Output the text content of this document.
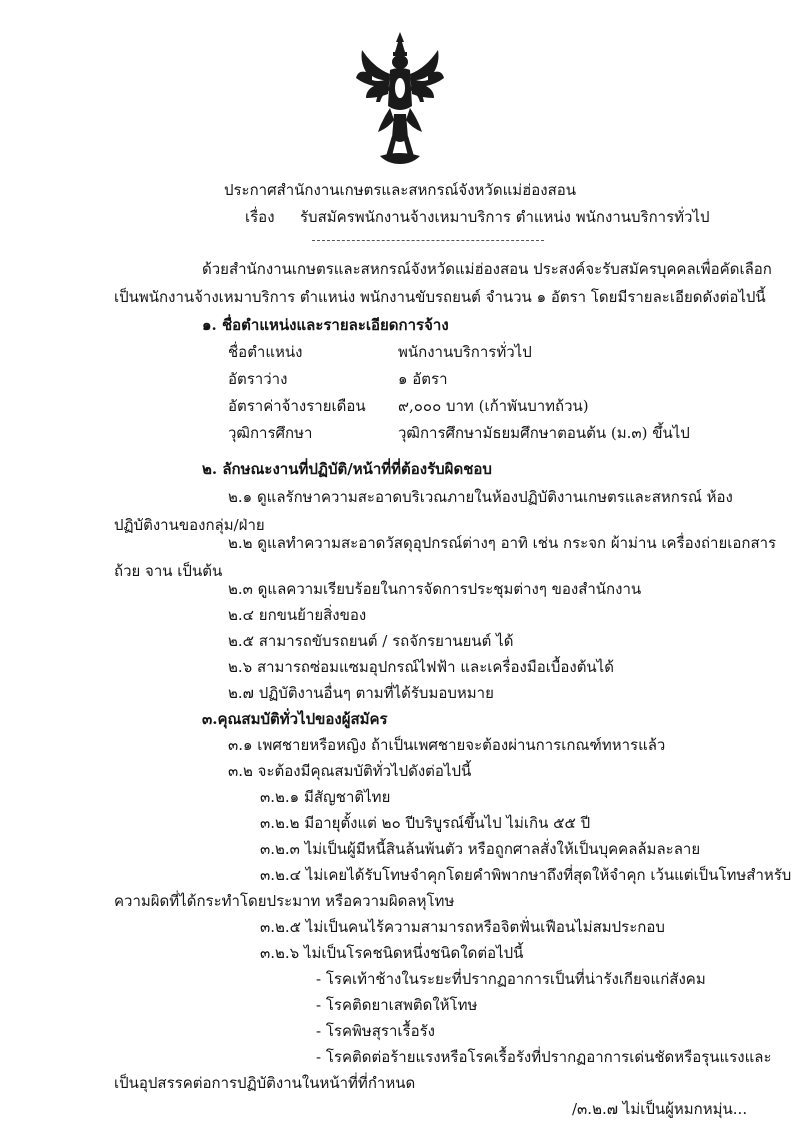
ประกาศสำนักงานเกษตรและสหกรณ์จังหวัดแม่ฮ่องสอน
เรื่อง รับสมัครพนักงานจ้างเหมาบริการ ตำแหน่ง พนักงานบริการทั่วไป
ด้วยสำนักงานเกษตรและสหกรณ์จังหวัดแม่ฮ่องสอน ประสงค์จะรับสมัครบุคคลเพื่อคัดเลือก
เป็นพนักงานจ้างเหมาบริการ ตำแหน่ง พนักงานขับรถยนต์ จำนวน ๑ อัตรา โดยมีรายละเอียดดังต่อไปนี้
๑. ชื่อตำแหน่งและรายละเอียดการจ้าง
ชื่อตำแหน่ง	พนักงานบริการทั่วไป
อัตราว่าง	๑ อัตรา
อัตราค่าจ้างรายเดือน ๙,๐๐๐ บาท (เก้าพันบาทถ้วน)
วุฒิการศึกษา	วุฒิการศึกษามัธยมศึกษาตอนต้น (ม.๓) ขึ้นไป
๒. ลักษณะงานที่ปฏิบัติ/หน้าที่ที่ต้องรับผิดชอบ
๒.๑ ดูแลรักษาความสะอาดบริเวณภายในห้องปฏิบัติงานเกษตรและสหกรณ์ ห้อง
ปฏิบัติงานของกลุ่ม/ฝ่าย
๒.๒ ดูแลทำความสะอาดวัสดุอุปกรณ์ต่างๆ อาทิ เช่น กระจก ผ้าม่าน เครื่องถ่ายเอกสาร
ถ้วย จาน เป็นต้น
๒.๓ ดูแลความเรียบร้อยในการจัดการประชุมต่างๆ ของสำนักงาน
๒.๔ ยกขนย้ายสิ่งของ
๒.๕ สามารถขับรถยนต์ / รถจักรยานยนต์ ได้
๒.๖ สามารถซ่อมแซมอุปกรณ์ไฟฟ้า และเครื่องมือเบื้องต้นได้
๒.๗ ปฏิบัติงานอื่นๆ ตามที่ได้รับมอบหมาย
๓.คุณสมบัติทั่วไปของผู้สมัคร
๓.๑ เพศชายหรือหญิง ถ้าเป็นเพศชายจะต้องผ่านการเกณฑ์ทหารแล้ว
๓.๒ จะต้องมีคุณสมบัติทั่วไปดังต่อไปนี้
๓.๒.๑ มีสัญชาติไทย
๓.๒.๒ มีอายุตั้งแต่ ๒๐ ปีบริบูรณ์ขึ้นไป ไม่เกิน ๕๕ ปี
๓.๒.๓ ไม่เป็นผู้มีหนี้สินล้นพ้นตัว หรือถูกศาลสั่งให้เป็นบุคคลล้มละลาย
๓.๒.๔ ไม่เคยได้รับโทษจำคุกโดยคำพิพากษาถึงที่สุดให้จำคุก เว้นแต่เป็นโทษสำหรับ
ความผิดที่ได้กระทำโดยประมาท หรือความผิดลหุโทษ
๓.๒.๕ ไม่เป็นคนไร้ความสามารถหรือจิตฟั่นเฟือนไม่สมประกอบ
๓.๒.๖ ไม่เป็นโรคชนิดหนึ่งชนิดใดต่อไปนี้
- โรคเท้าช้างในระยะที่ปรากฏอาการเป็นที่น่ารังเกียจแก่สังคม
- โรคติดยาเสพติดให้โทษ
- โรคพิษสุราเรื้อรัง
- โรคติดต่อร้ายแรงหรือโรคเรื้อรังที่ปรากฏอาการเด่นชัดหรือรุนแรงและ
เป็นอุปสรรคต่อการปฏิบัติงานในหน้าที่ที่กำหนด
/๓.๒.๗ ไม่เป็นผู้หมกหมุ่น...
